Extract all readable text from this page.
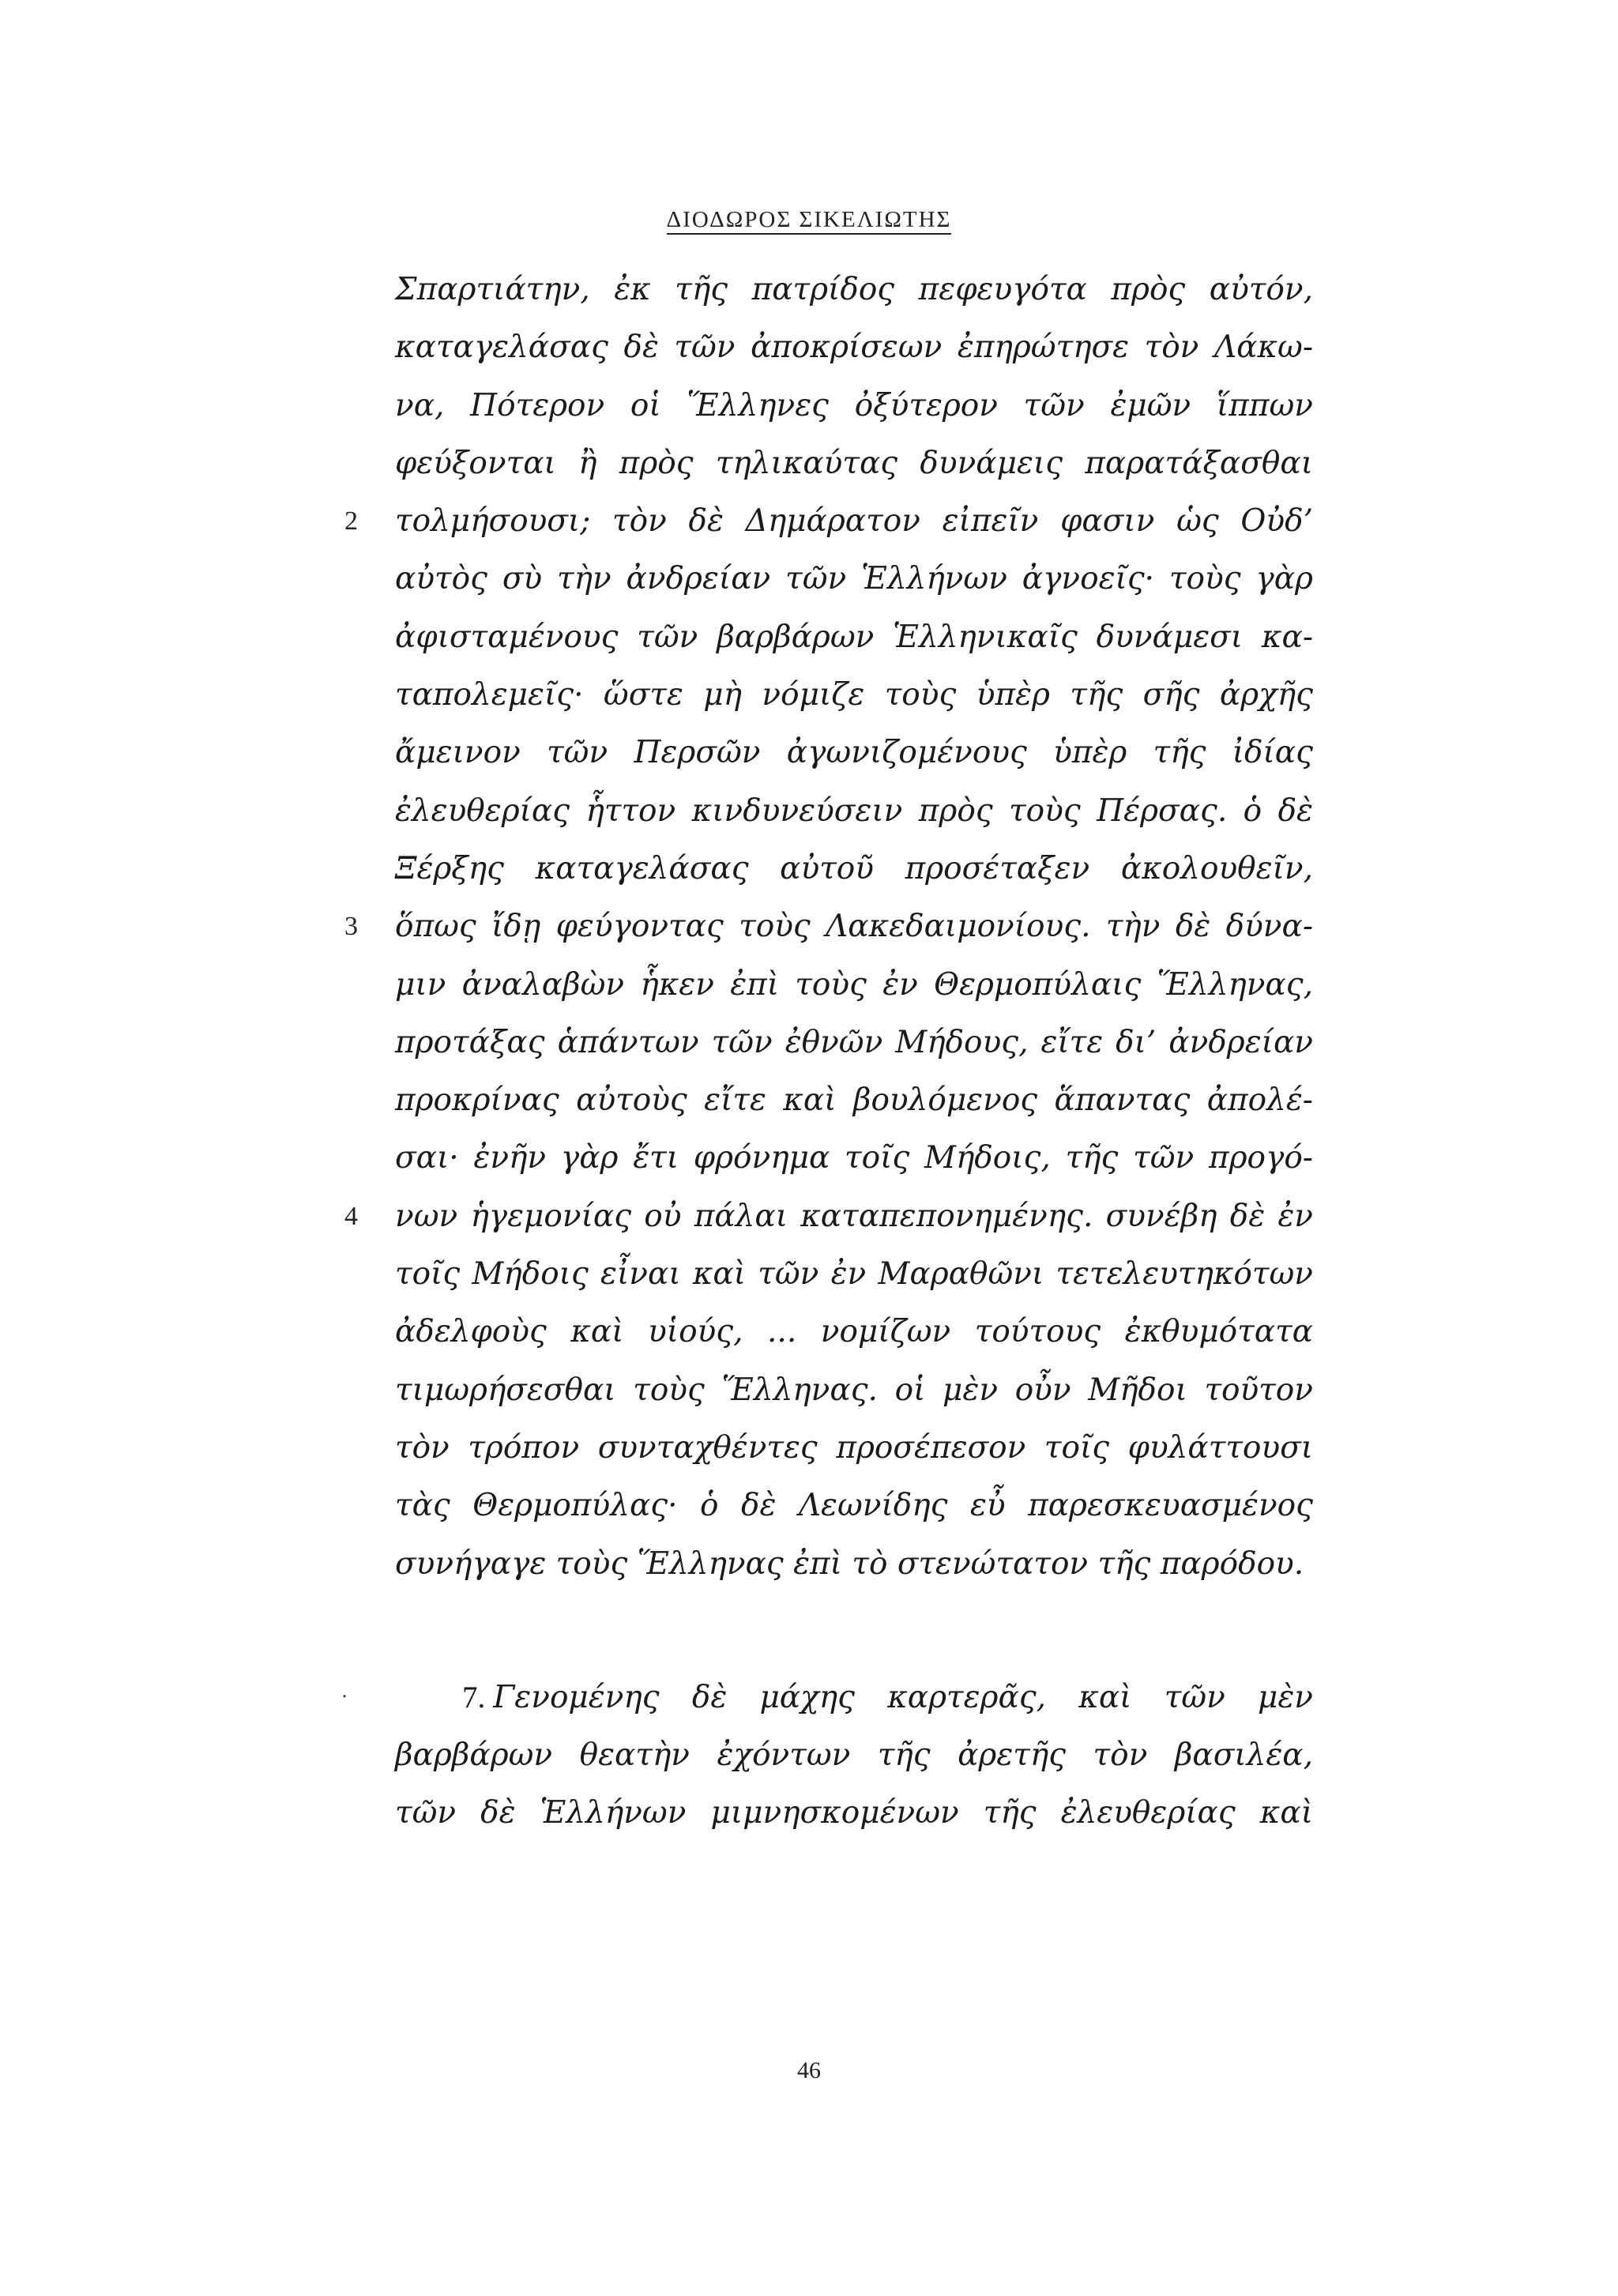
ΔΙΟΔΩΡΟΣ ΣΙΚΕΛΙΩΤΗΣ
Σπαρτιάτην, ἐκ τῆς πατρίδος πεφευγότα πρὸς αὐτόν,
καταγελάσας δὲ τῶν ἀποκρίσεων ἐπηρώτησε τὸν Λάκω-
να, Πότερον οἱ Ἕλληνες ὀξύτερον τῶν ἐμῶν ἵππων
φεύξονται ἢ πρὸς τηλικαύτας δυνάμεις παρατάξασθαι
2 τολμήσουσι; τὸν δὲ Δημάρατον εἰπεῖν φασιν ὡς Οὐδ’
αὐτὸς σὺ τὴν ἀνδρείαν τῶν Ἑλλήνων ἀγνοεῖς· τοὺς γὰρ
ἀφισταμένους τῶν βαρβάρων Ἑλληνικαῖς δυνάμεσι κα-
ταπολεμεῖς· ὥστε μὴ νόμιζε τοὺς ὑπὲρ τῆς σῆς ἀρχῆς
ἄμεινον τῶν Περσῶν ἀγωνιζομένους ὑπὲρ τῆς ἰδίας
ἐλευθερίας ἧττον κινδυνεύσειν πρὸς τοὺς Πέρσας. ὁ δὲ
Ξέρξης καταγελάσας αὐτοῦ προσέταξεν ἀκολουθεῖν,
3 ὅπως ἴδῃ φεύγοντας τοὺς Λακεδαιμονίους. τὴν δὲ δύνα-
μιν ἀναλαβὼν ἧκεν ἐπὶ τοὺς ἐν Θερμοπύλαις Ἕλληνας,
προτάξας ἁπάντων τῶν ἐθνῶν Μήδους, εἴτε δι’ ἀνδρείαν
προκρίνας αὐτοὺς εἴτε καὶ βουλόμενος ἅπαντας ἀπολέ-
σαι· ἐνῆν γὰρ ἔτι φρόνημα τοῖς Μήδοις, τῆς τῶν προγό-
4 νων ἡγεμονίας οὐ πάλαι καταπεπονημένης. συνέβη δὲ ἐν
τοῖς Μήδοις εἶναι καὶ τῶν ἐν Μαραθῶνι τετελευτηκότων
ἀδελφοὺς καὶ υἱούς, ... νομίζων τούτους ἐκθυμότατα
τιμωρήσεσθαι τοὺς Ἕλληνας. οἱ μὲν οὖν Μῆδοι τοῦτον
τὸν τρόπον συνταχθέντες προσέπεσον τοῖς φυλάττουσι
τὰς Θερμοπύλας· ὁ δὲ Λεωνίδης εὖ παρεσκευασμένος
συνήγαγε τοὺς Ἕλληνας ἐπὶ τὸ στενώτατον τῆς παρόδου.
·	7. Γενομένης δὲ μάχης καρτερᾶς, καὶ τῶν μὲν
βαρβάρων θεατὴν ἐχόντων τῆς ἀρετῆς τὸν βασιλέα,
τῶν δὲ Ἑλλήνων μιμνησκομένων τῆς ἐλευθερίας καὶ
46
